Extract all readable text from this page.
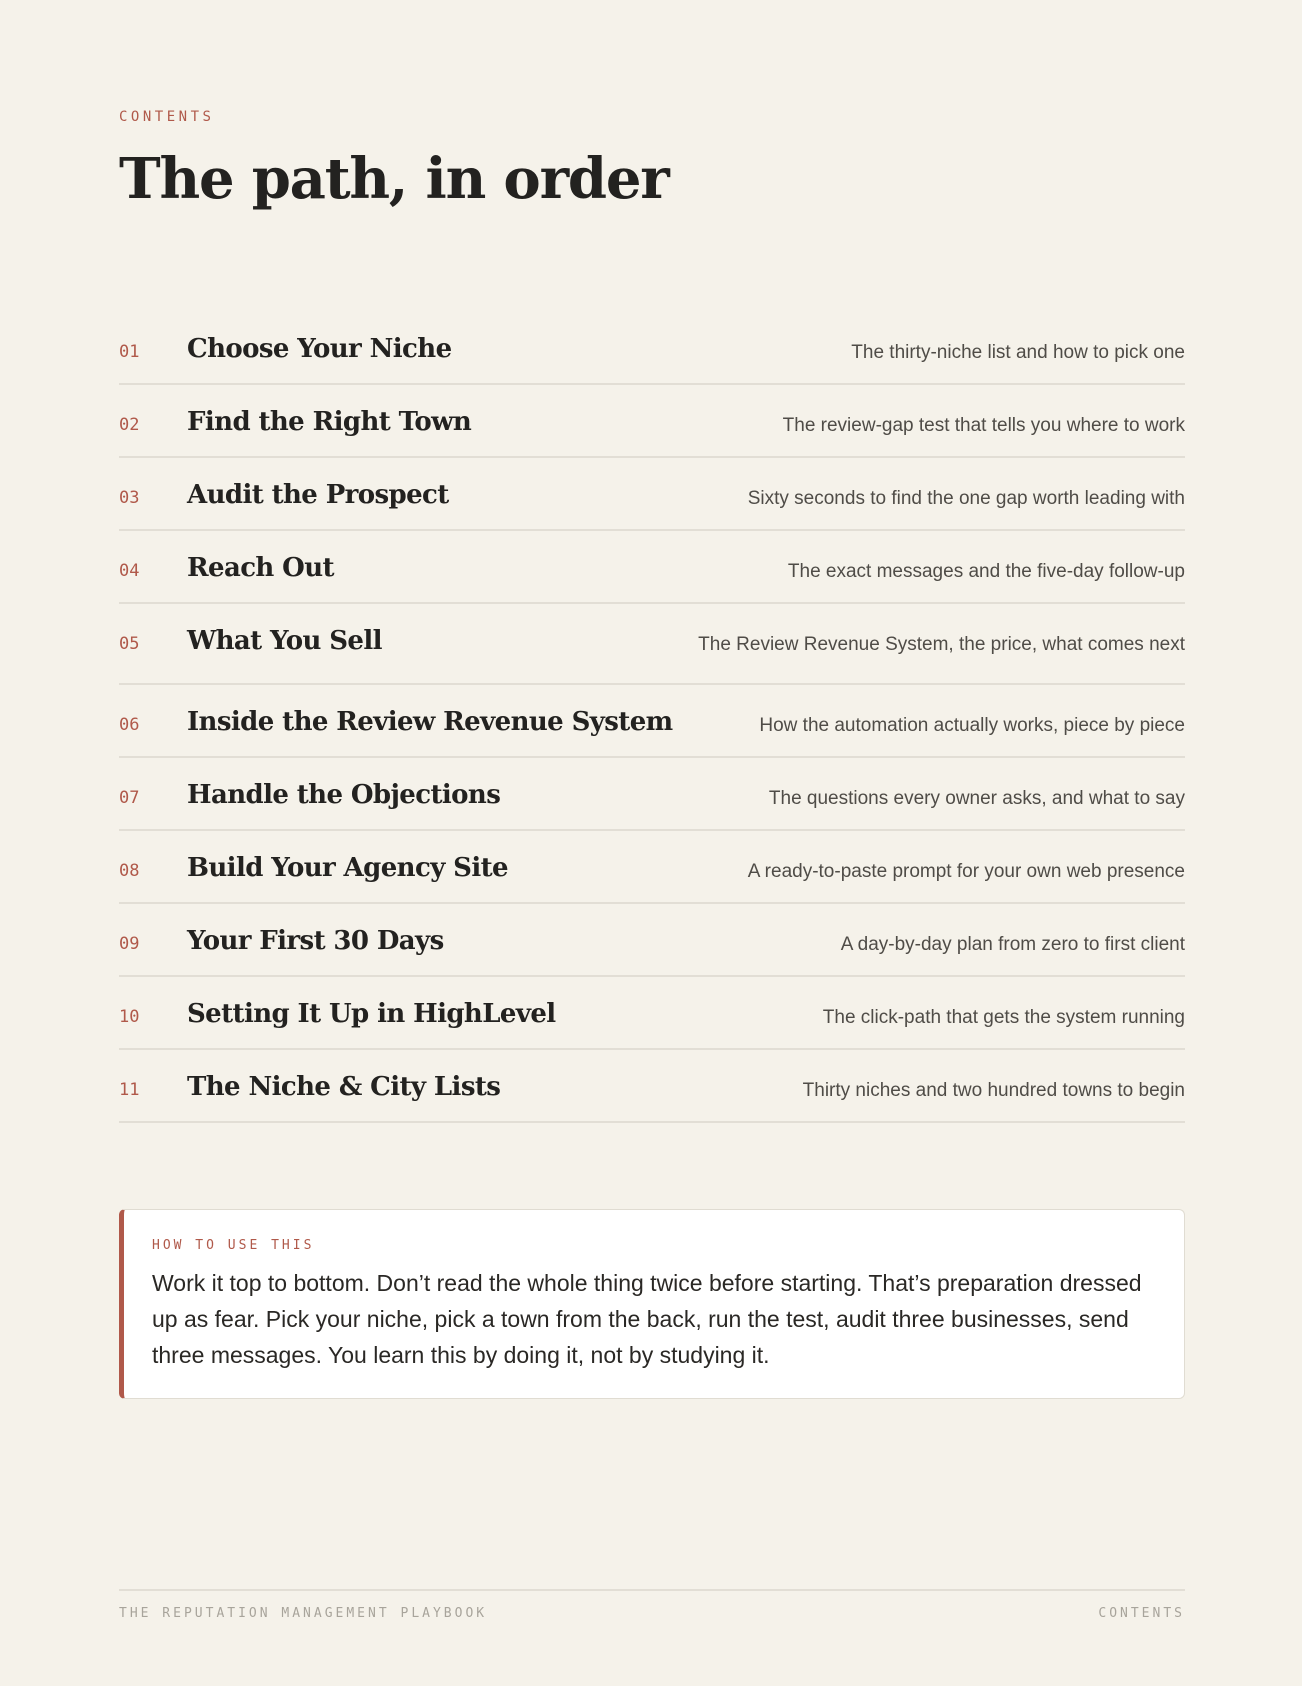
CONTENTS
The path, in order
01	Choose Your Niche	The thirty-niche list and how to pick one
02	Find the Right Town	The review-gap test that tells you where to work
03	Audit the Prospect	Sixty seconds to find the one gap worth leading with
04	Reach Out	The exact messages and the five-day follow-up
05	What You Sell	The Review Revenue System, the price, what comes next
06	Inside the Review Revenue System	How the automation actually works, piece by piece
07	Handle the Objections	The questions every owner asks, and what to say
08	Build Your Agency Site	A ready-to-paste prompt for your own web presence
09	Your First 30 Days	A day-by-day plan from zero to first client
10	Setting It Up in HighLevel	The click-path that gets the system running
11	The Niche & City Lists	Thirty niches and two hundred towns to begin
HOW TO USE THIS

Work it top to bottom. Don’t read the whole thing twice before starting. That’s preparation dressed up as fear. Pick your niche, pick a town from the back, run the test, audit three businesses, send three messages. You learn this by doing it, not by studying it.

THE REPUTATION MANAGEMENT PLAYBOOK	CONTENTS
